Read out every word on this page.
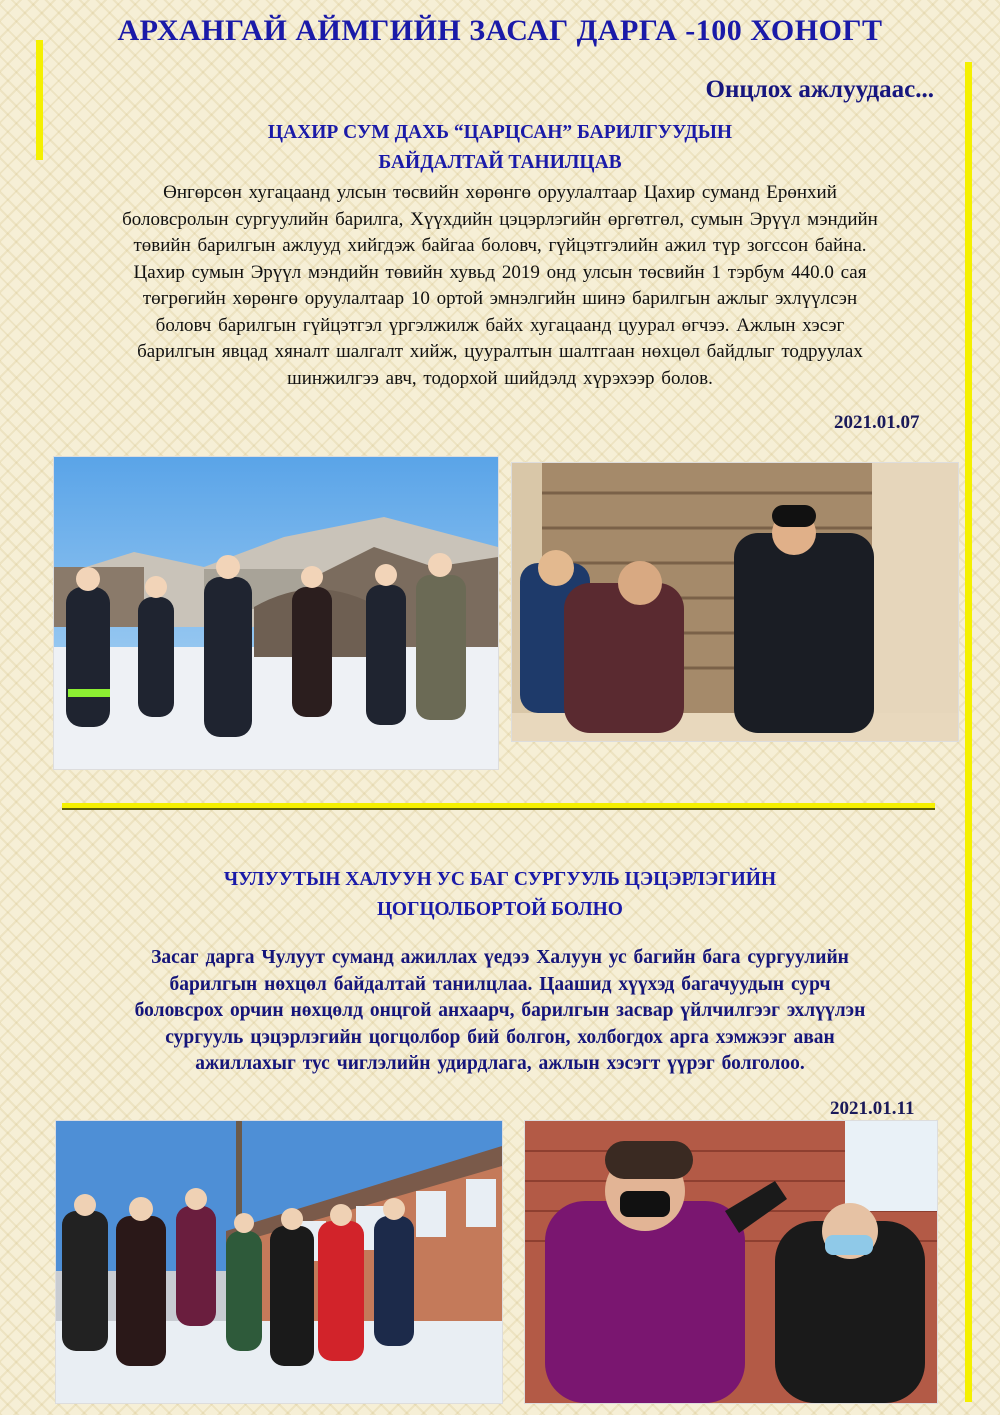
АРХАНГАЙ АЙМГИЙН ЗАСАГ ДАРГА -100 ХОНОГТ
Онцлох ажлуудаас...
ЦАХИР СУМ ДАХЬ “ЦАРЦСАН” БАРИЛГУУДЫН
БАЙДАЛТАЙ ТАНИЛЦАВ
Өнгөрсөн хугацаанд улсын төсвийн хөрөнгө оруулалтаар Цахир суманд Ерөнхий
боловсролын сургуулийн барилга, Хүүхдийн цэцэрлэгийн өргөтгөл, сумын Эрүүл мэндийн
төвийн барилгын ажлууд хийгдэж байгаа боловч, гүйцэтгэлийн ажил түр зогссон байна.
Цахир сумын Эрүүл мэндийн төвийн хувьд 2019 онд улсын төсвийн 1 тэрбум 440.0 сая
төгрөгийн хөрөнгө оруулалтаар 10 ортой эмнэлгийн шинэ барилгын ажлыг эхлүүлсэн
боловч барилгын гүйцэтгэл үргэлжилж байх хугацаанд цуурал өгчээ. Ажлын хэсэг
барилгын явцад хяналт шалгалт хийж, цууралтын шалтгаан нөхцөл байдлыг тодруулах
шинжилгээ авч, тодорхой шийдэлд хүрэхээр болов.
2021.01.07
ЧУЛУУТЫН ХАЛУУН УС БАГ СУРГУУЛЬ ЦЭЦЭРЛЭГИЙН
ЦОГЦОЛБОРТОЙ БОЛНО
Засаг дарга Чулуут суманд ажиллах үедээ Халуун ус багийн бага сургуулийн
барилгын нөхцөл байдалтай танилцлаа. Цаашид хүүхэд багачуудын сурч
боловсрох орчин нөхцөлд онцгой анхаарч, барилгын засвар үйлчилгээг эхлүүлэн
сургууль цэцэрлэгийн цогцолбор бий болгон, холбогдох арга хэмжээг аван
ажиллахыг тус чиглэлийн удирдлага, ажлын хэсэгт үүрэг болголоо.
2021.01.11
